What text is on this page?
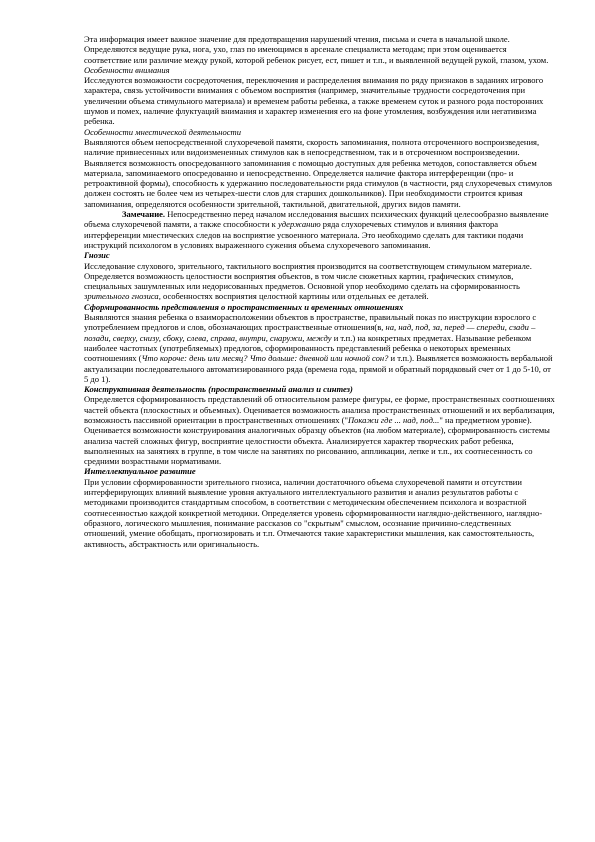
Эта информация имеет важное значение для предотвращения нарушений чтения, письма и счета в начальной школе. Определяются ведущие рука, нога, ухо, глаз по имеющимся в арсенале специалиста методам; при этом оценивается соответствие или различие между рукой, которой ребенок рисует, ест, пишет и т.п., и выявленной ведущей рукой, глазом, ухом.

Особенности внимания

Исследуются возможности сосредоточения, переключения и распределения внимания по ряду признаков в заданиях игрового характера, связь устойчивости внимания с объемом восприятия (например, значительные трудности сосредоточения при увеличении объема стимульного материала) и временем работы ребенка, а также временем суток и разного рода посторонних шумов и помех, наличие флуктуаций внимания и характер изменения его на фоне утомления, возбуждения или негативизма ребенка.

Особенности мнестической деятельности

Выявляются объем непосредственной слухоречевой памяти, скорость запоминания, полнота отсроченного воспроизведения, наличие привнесенных или видоизмененных стимулов как в непосредственном, так и в отсроченном воспроизведении.

Выявляется возможность опосредованного запоминания с помощью доступных для ребенка методов, сопоставляется объем материала, запоминаемого опосредованно и непосредственно. Определяется наличие фактора интерференции (про- и ретроактивной формы), способность к удержанию последовательности ряда стимулов (в частности, ряд слухоречевых стимулов должен состоять не более чем из четырех-шести слов для старших дошкольников). При необходимости строится кривая запоминания, определяются особенности зрительной, тактильной, двигательной, других видов памяти.

Замечание. Непосредственно перед началом исследования высших психических функций целесообразно выявление объема слухоречевой памяти, а также способности к удержанию ряда слухоречевых стимулов и влияния фактора интерференции мнестических следов на восприятие усвоенного материала. Это необходимо сделать для тактики подачи инструкций психологом в условиях выраженного сужения объема слухоречевого запоминания.

Гнозис

Исследование слухового, зрительного, тактильного восприятия производится на соответствующем стимульном материале. Определяется возможность целостности восприятия объектов, в том числе сюжетных картин, графических стимулов, специальных зашумленных или недорисованных предметов. Основной упор необходимо сделать на сформированность зрительного гнозиса, особенностях восприятия целостной картины или отдельных ее деталей.

Сформированность представления о пространственных и временных отношениях

Выявляются знания ребенка о взаиморасположении объектов в пространстве, правильный показ по инструкции взрослого с употреблением предлогов и слов, обозначающих пространственные отношения(в, на, над, под, за, перед — спереди, сзади – позади, сверху, снизу, сбоку, слева, справа, внутри, снаружи, между и т.п.) на конкретных предметах. Называние ребенком наиболее частотных (употребляемых) предлогов, сформированность представлений ребенка о некоторых временных соотношениях (Что короче: день или месяц? Что дольше: дневной или ночной сон? и т.п.). Выявляется возможность вербальной актуализации последовательного автоматизированного ряда (времена года, прямой и обратный порядковый счет от 1 до 5-10, от 5 до 1).

Конструктивная деятельность (пространственный анализ и синтез)

Определяется сформированность представлений об относительном размере фигуры, ее форме, пространственных соотношениях частей объекта (плоскостных и объемных). Оценивается возможность анализа пространственных отношений и их вербализация, возможность пассивной ориентации в пространственных отношениях ("Покажи где ... над, под..." на предметном уровне). Оценивается возможности конструирования аналогичных образцу объектов (на любом материале), сформированность системы анализа частей сложных фигур, восприятие целостности объекта. Анализируется характер творческих работ ребенка, выполненных на занятиях в группе, в том числе на занятиях по рисованию, аппликации, лепке и т.п., их соотнесенность со средними возрастными нормативами.

Интеллектуальное развитие

При условии сформированности зрительного гнозиса, наличии достаточного объема слухоречевой памяти и отсутствии интерферирующих влияний выявление уровня актуального интеллектуального развития и анализ результатов работы с методиками производится стандартным способом, в соответствии с методическим обеспечением психолога и возрастной соотнесенностью каждой конкретной методики. Определяется уровень сформированности наглядно-действенного, наглядно-образного, логического мышления, понимание рассказов со "скрытым" смыслом, осознание причинно-следственных отношений, умение обобщать, прогнозировать и т.п. Отмечаются такие характеристики мышления, как самостоятельность, активность, абстрактность или оригинальность.
